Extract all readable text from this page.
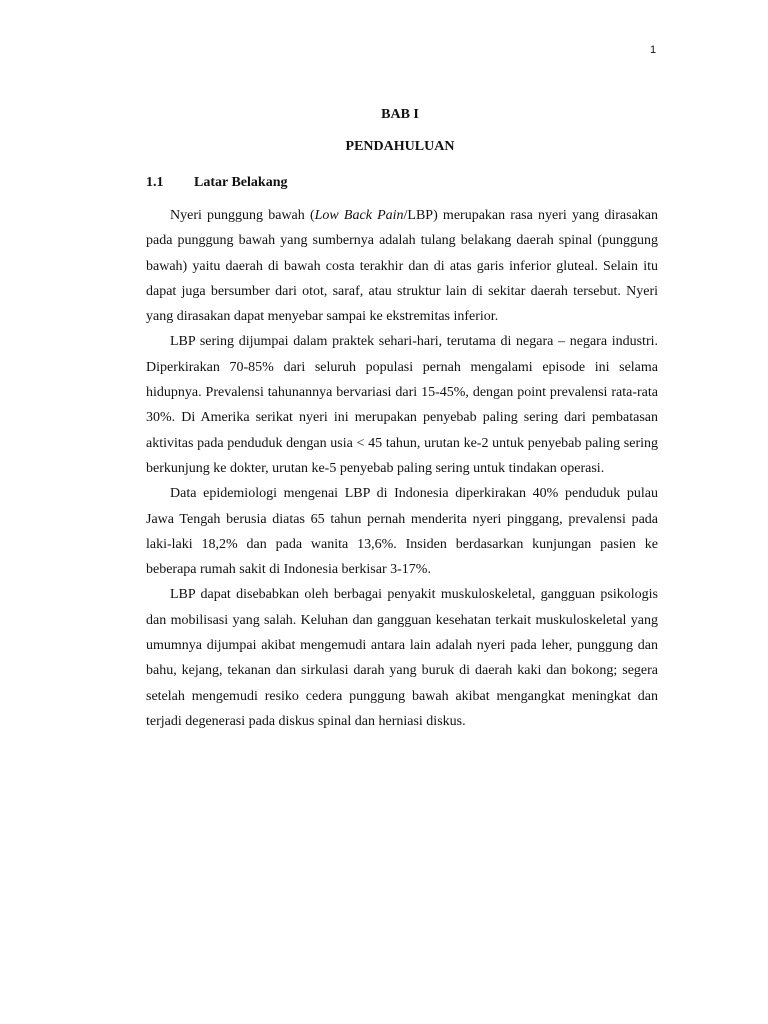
1
BAB I
PENDAHULUAN
1.1 Latar Belakang

Nyeri punggung bawah (Low Back Pain/LBP) merupakan rasa nyeri yang dirasakan pada punggung bawah yang sumbernya adalah tulang belakang daerah spinal (punggung bawah) yaitu daerah di bawah costa terakhir dan di atas garis inferior gluteal. Selain itu dapat juga bersumber dari otot, saraf, atau struktur lain di sekitar daerah tersebut. Nyeri yang dirasakan dapat menyebar sampai ke ekstremitas inferior.

LBP sering dijumpai dalam praktek sehari-hari, terutama di negara – negara industri. Diperkirakan 70-85% dari seluruh populasi pernah mengalami episode ini selama hidupnya. Prevalensi tahunannya bervariasi dari 15-45%, dengan point prevalensi rata-rata 30%. Di Amerika serikat nyeri ini merupakan penyebab paling sering dari pembatasan aktivitas pada penduduk dengan usia < 45 tahun, urutan ke-2 untuk penyebab paling sering berkunjung ke dokter, urutan ke-5 penyebab paling sering untuk tindakan operasi.

Data epidemiologi mengenai LBP di Indonesia diperkirakan 40% penduduk pulau Jawa Tengah berusia diatas 65 tahun pernah menderita nyeri pinggang, prevalensi pada laki-laki 18,2% dan pada wanita 13,6%. Insiden berdasarkan kunjungan pasien ke beberapa rumah sakit di Indonesia berkisar 3-17%.

LBP dapat disebabkan oleh berbagai penyakit muskuloskeletal, gangguan psikologis dan mobilisasi yang salah. Keluhan dan gangguan kesehatan terkait muskuloskeletal yang umumnya dijumpai akibat mengemudi antara lain adalah nyeri pada leher, punggung dan bahu, kejang, tekanan dan sirkulasi darah yang buruk di daerah kaki dan bokong; segera setelah mengemudi resiko cedera punggung bawah akibat mengangkat meningkat dan terjadi degenerasi pada diskus spinal dan herniasi diskus.
